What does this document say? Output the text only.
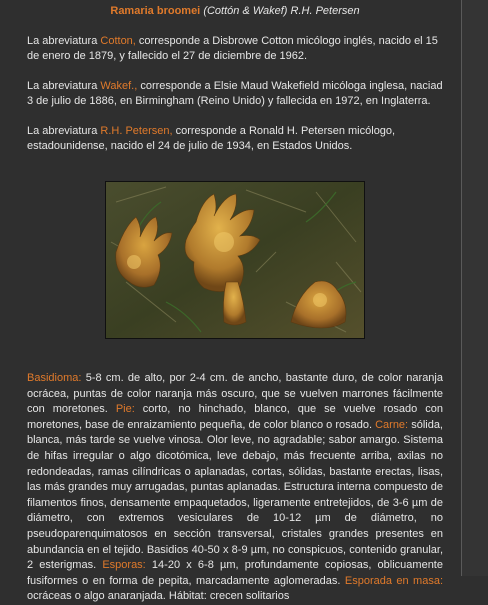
Ramaria broomei (Cottón & Wakef) R.H. Petersen

La abreviatura Cotton, corresponde a Disbrowe Cotton micólogo inglés, nacido el 15 de enero de 1879, y fallecido el 27 de diciembre de 1962.

La abreviatura Wakef., corresponde a Elsie Maud Wakefield micóloga inglesa, naciad 3 de julio de 1886, en Birmingham (Reino Unido) y fallecida en 1972, en Inglaterra.

La abreviatura R.H. Petersen, corresponde a Ronald H. Petersen micólogo, estadounidense, nacido el 24 de julio de 1934, en Estados Unidos.

Basidioma: 5-8 cm. de alto, por 2-4 cm. de ancho, bastante duro, de color naranja ocrácea, puntas de color naranja más oscuro, que se vuelven marrones fácilmente con moretones. Pie: corto, no hinchado, blanco, que se vuelve rosado con moretones, base de enraizamiento pequeña, de color blanco o rosado. Carne: sólida, blanca, más tarde se vuelve vinosa. Olor leve, no agradable; sabor amargo. Sistema de hifas irregular o algo dicotómica, leve debajo, más frecuente arriba, axilas no redondeadas, ramas cilíndricas o aplanadas, cortas, sólidas, bastante erectas, lisas, las más grandes muy arrugadas, puntas aplanadas. Estructura interna compuesto de filamentos finos, densamente empaquetados, ligeramente entretejidos, de 3-6 µm de diámetro, con extremos vesiculares de 10-12 µm de diámetro, no pseudoparenquimatosos en sección transversal, cristales grandes presentes en abundancia en el tejido. Basidios 40-50 x 8-9 µm, no conspicuos, contenido granular, 2 esterigmas. Esporas: 14-20 x 6-8 µm, profundamente copiosas, oblicuamente fusiformes o en forma de pepita, marcadamente aglomeradas. Esporada en masa: ocráceas o algo anaranjada. Hábitat: crecen solitarios
